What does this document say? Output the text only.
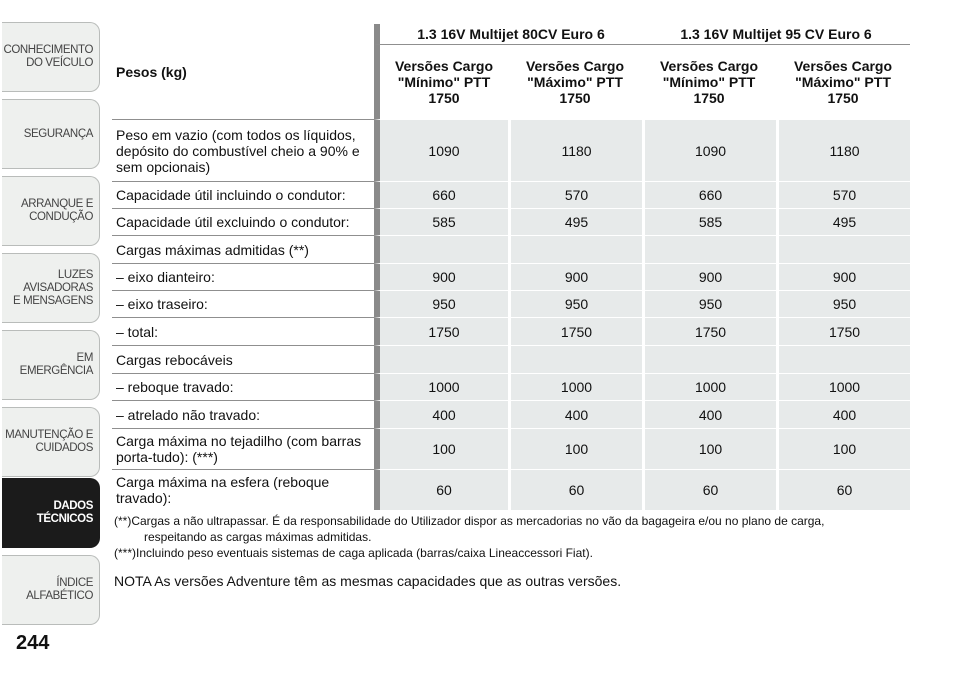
CONHECIMENTO
DO VEÍCULO
SEGURANÇA
ARRANQUE E
CONDUÇÃO
LUZES AVISADORAS
E MENSAGENS
EM EMERGÊNCIA
MANUTENÇÃO E
CUIDADOS
DADOS TÉCNICOS
ÍNDICE ALFABÉTICO
244
Pesos (kg)	1.3 16V Multijet 80CV Euro 6		1.3 16V Multijet 95 CV Euro 6	
	Versões Cargo
"Mínimo" PTT
1750	Versões Cargo
"Máximo" PTT
1750	Versões Cargo
"Mínimo" PTT
1750	Versões Cargo
"Máximo" PTT
1750
Peso em vazio (com todos os líquidos, depósito do combustível cheio a 90% e sem opcionais)	1090	1180	1090	1180
Capacidade útil incluindo o condutor:	660	570	660	570
Capacidade útil excluindo o condutor:	585	495	585	495
Cargas máximas admitidas (**)				
– eixo dianteiro:	900	900	900	900
– eixo traseiro:	950	950	950	950
– total:	1750	1750	1750	1750
Cargas rebocáveis				
– reboque travado:	1000	1000	1000	1000
– atrelado não travado:	400	400	400	400
Carga máxima no tejadilho (com barras porta-tudo): (***)	100	100	100	100
Carga máxima na esfera (reboque travado):	60	60	60	60

(**)Cargas a não ultrapassar. É da responsabilidade do Utilizador dispor as mercadorias no vão da bagageira e/ou no plano de carga,

respeitando as cargas máximas admitidas.

(***)Incluindo peso eventuais sistemas de caga aplicada (barras/caixa Lineaccessori Fiat).

NOTA As versões Adventure têm as mesmas capacidades que as outras versões.
